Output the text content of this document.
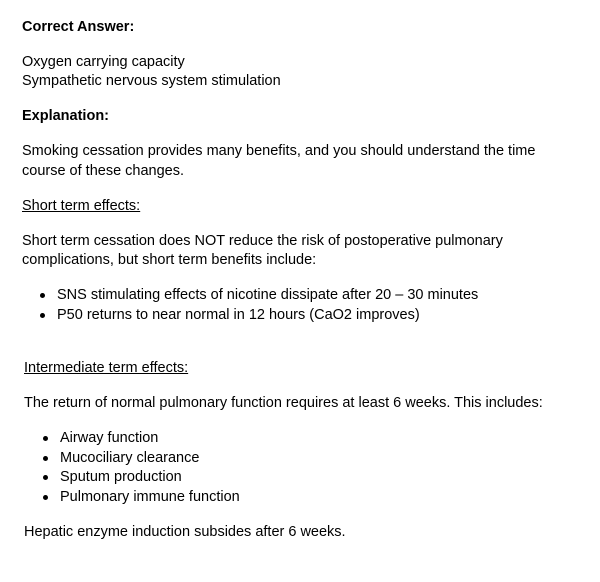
Correct Answer:
Oxygen carrying capacity
Sympathetic nervous system stimulation
Explanation:
Smoking cessation provides many benefits, and you should understand the time
course of these changes.
Short term effects:
Short term cessation does NOT reduce the risk of postoperative pulmonary
complications, but short term benefits include:
SNS stimulating effects of nicotine dissipate after 20 – 30 minutes
P50 returns to near normal in 12 hours (CaO2 improves)
Intermediate term effects:
The return of normal pulmonary function requires at least 6 weeks. This includes:
Airway function
Mucociliary clearance
Sputum production
Pulmonary immune function
Hepatic enzyme induction subsides after 6 weeks.
